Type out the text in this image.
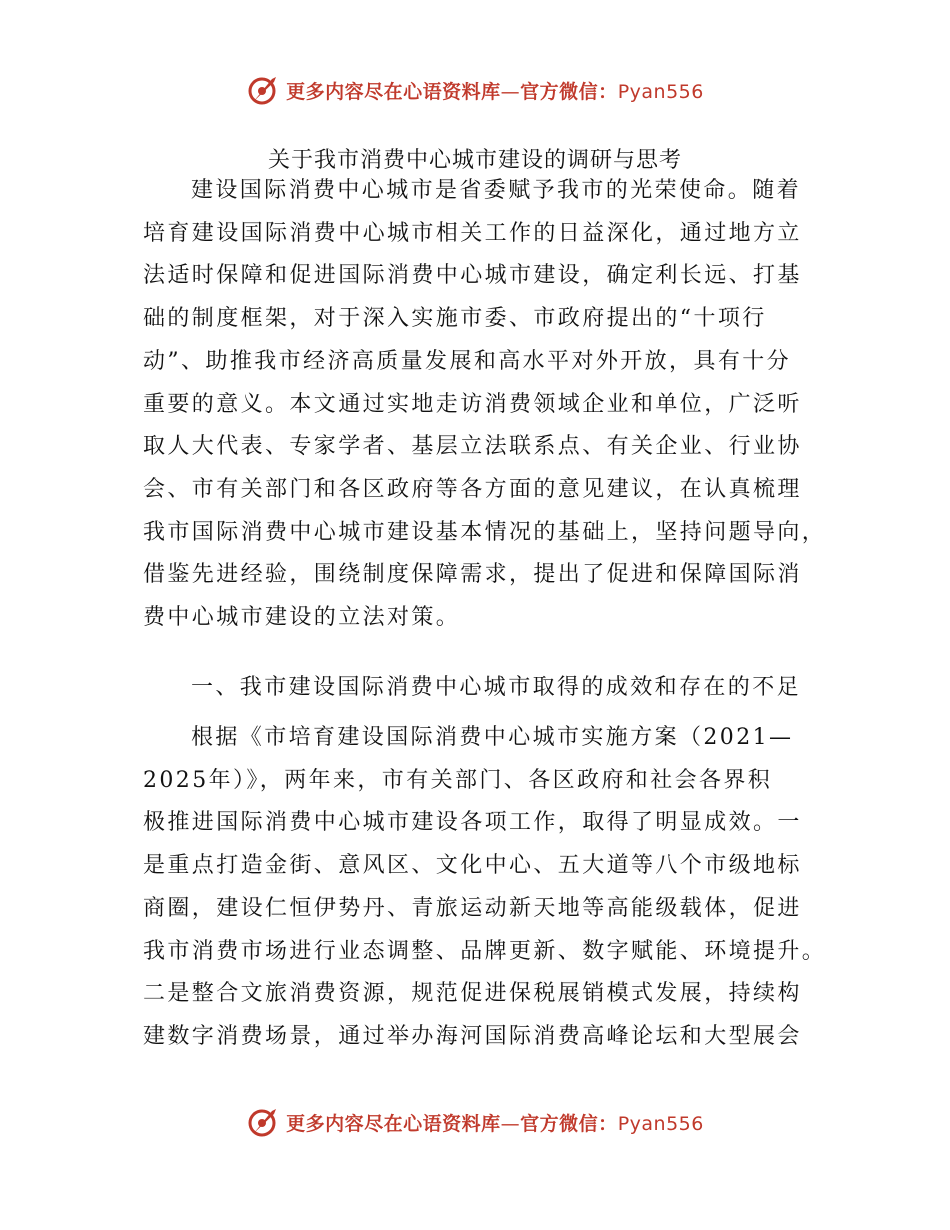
更多内容尽在心语资料库—官方微信：Pyan556
关于我市消费中心城市建设的调研与思考
建设国际消费中心城市是省委赋予我市的光荣使命。随着
培育建设国际消费中心城市相关工作的日益深化，通过地方立
法适时保障和促进国际消费中心城市建设，确定利长远、打基
础的制度框架，对于深入实施市委、市政府提出的“十项行
动”、助推我市经济高质量发展和高水平对外开放，具有十分
重要的意义。本文通过实地走访消费领域企业和单位，广泛听
取人大代表、专家学者、基层立法联系点、有关企业、行业协
会、市有关部门和各区政府等各方面的意见建议，在认真梳理
我市国际消费中心城市建设基本情况的基础上，坚持问题导向，
借鉴先进经验，围绕制度保障需求，提出了促进和保障国际消
费中心城市建设的立法对策。
一、我市建设国际消费中心城市取得的成效和存在的不足
根据《市培育建设国际消费中心城市实施方案（2021—
2025年）》，两年来，市有关部门、各区政府和社会各界积
极推进国际消费中心城市建设各项工作，取得了明显成效。一
是重点打造金街、意风区、文化中心、五大道等八个市级地标
商圈，建设仁恒伊势丹、青旅运动新天地等高能级载体，促进
我市消费市场进行业态调整、品牌更新、数字赋能、环境提升。
二是整合文旅消费资源，规范促进保税展销模式发展，持续构
建数字消费场景，通过举办海河国际消费高峰论坛和大型展会
更多内容尽在心语资料库—官方微信：Pyan556
